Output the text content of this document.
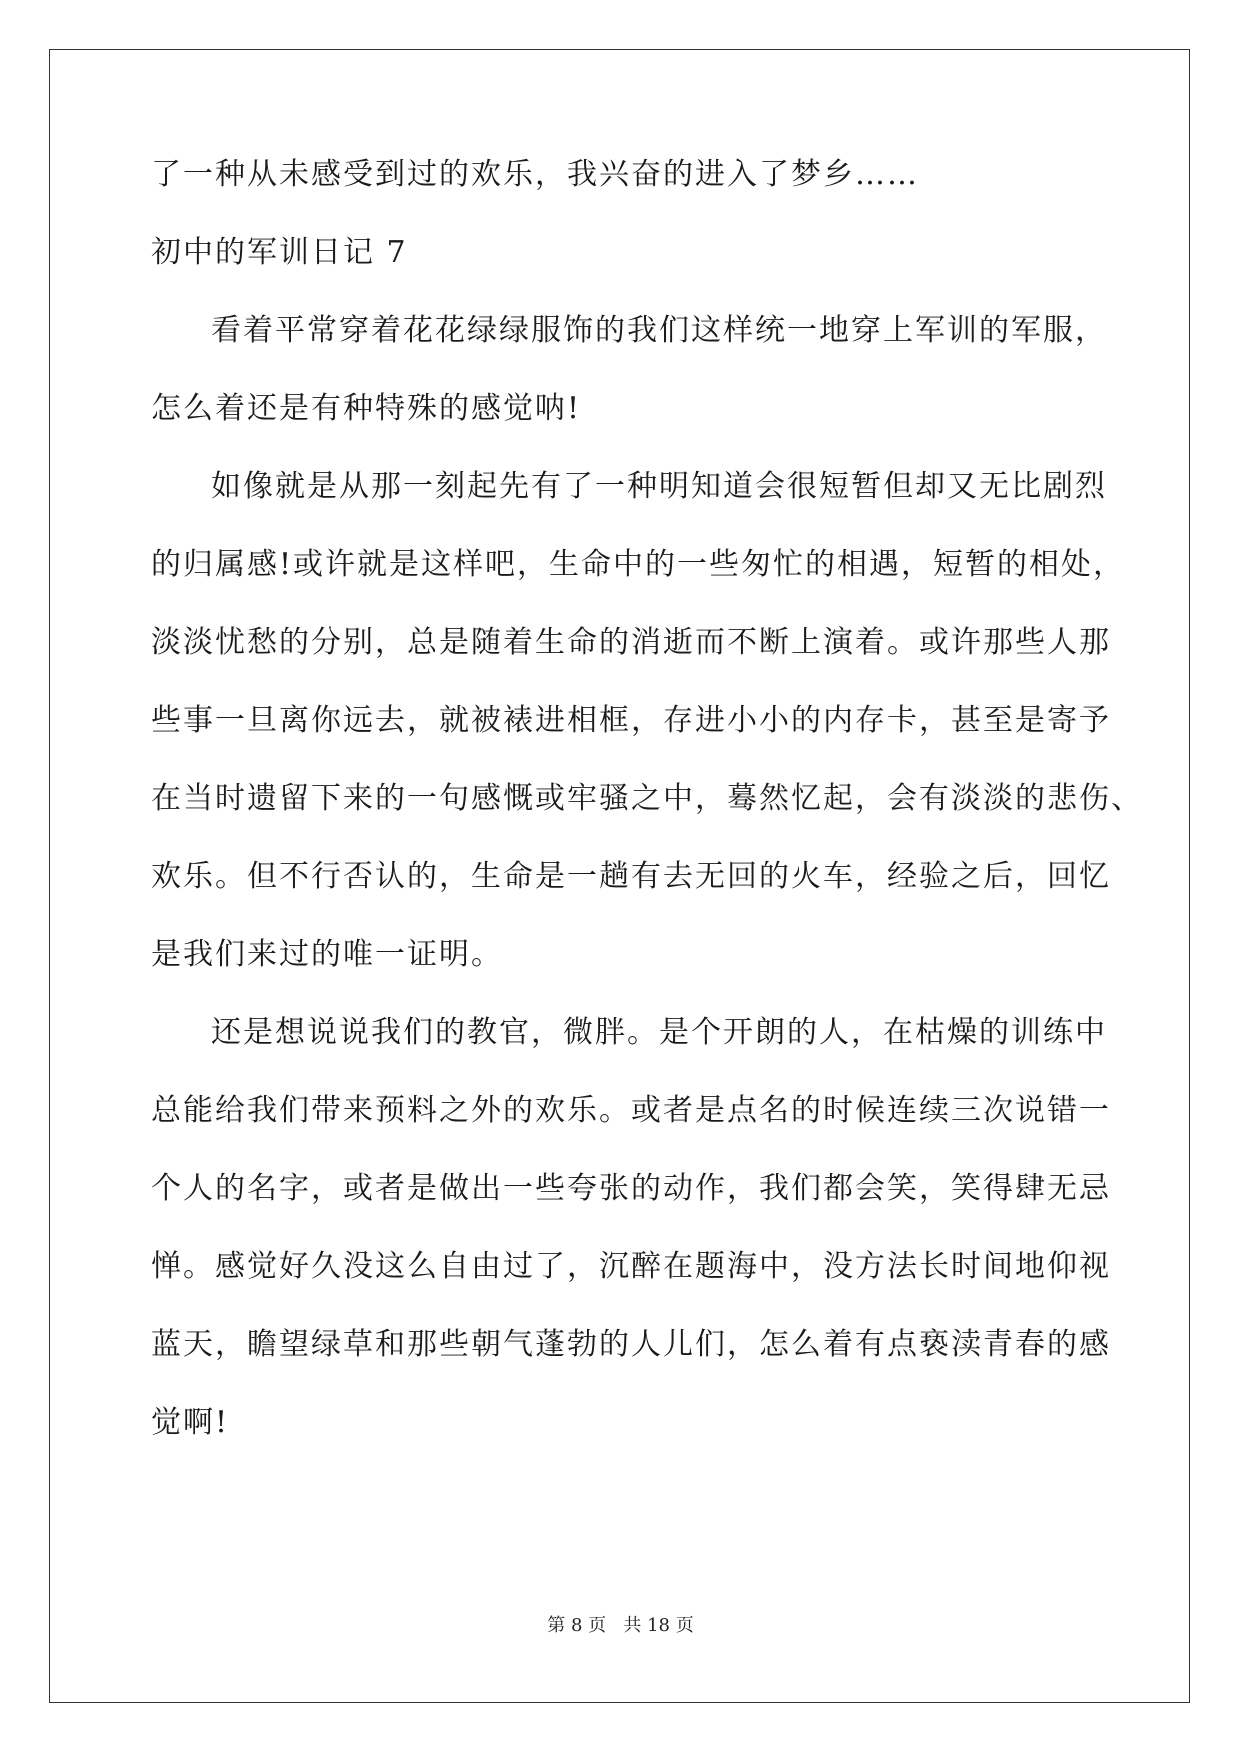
了一种从未感受到过的欢乐，我兴奋的进入了梦乡……
初中的军训日记 7
看着平常穿着花花绿绿服饰的我们这样统一地穿上军训的军服，
怎么着还是有种特殊的感觉呐!
如像就是从那一刻起先有了一种明知道会很短暂但却又无比剧烈
的归属感!或许就是这样吧，生命中的一些匆忙的相遇，短暂的相处，
淡淡忧愁的分别，总是随着生命的消逝而不断上演着。或许那些人那
些事一旦离你远去，就被裱进相框，存进小小的内存卡，甚至是寄予
在当时遗留下来的一句感慨或牢骚之中，蓦然忆起，会有淡淡的悲伤、
欢乐。但不行否认的，生命是一趟有去无回的火车，经验之后，回忆
是我们来过的唯一证明。
还是想说说我们的教官，微胖。是个开朗的人，在枯燥的训练中
总能给我们带来预料之外的欢乐。或者是点名的时候连续三次说错一
个人的名字，或者是做出一些夸张的动作，我们都会笑，笑得肆无忌
惮。感觉好久没这么自由过了，沉醉在题海中，没方法长时间地仰视
蓝天，瞻望绿草和那些朝气蓬勃的人儿们，怎么着有点亵渎青春的感
觉啊!
第 8 页 共 18 页
